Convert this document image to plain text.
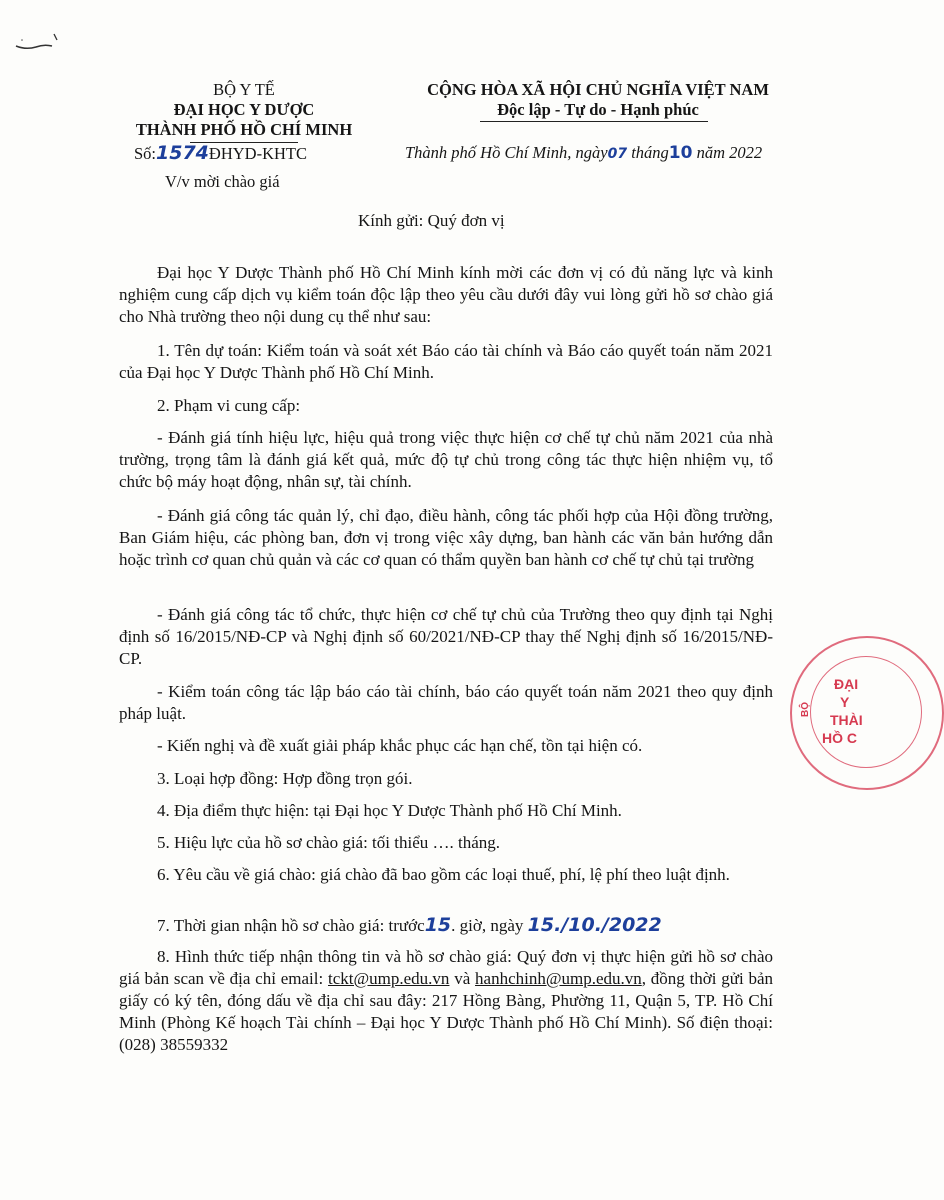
BỘ Y TẾ
ĐẠI HỌC Y DƯỢC
THÀNH PHỐ HỒ CHÍ MINH
Số:1574ĐHYD-KHTC
V/v mời chào giá
CỘNG HÒA XÃ HỘI CHỦ NGHĨA VIỆT NAM
Độc lập - Tự do - Hạnh phúc
Thành phố Hồ Chí Minh, ngày07 tháng10 năm 2022
Kính gửi: Quý đơn vị
Đại học Y Dược Thành phố Hồ Chí Minh kính mời các đơn vị có đủ năng lực và kinh nghiệm cung cấp dịch vụ kiểm toán độc lập theo yêu cầu dưới đây vui lòng gửi hồ sơ chào giá cho Nhà trường theo nội dung cụ thể như sau:
1. Tên dự toán: Kiểm toán và soát xét Báo cáo tài chính và Báo cáo quyết toán năm 2021 của Đại học Y Dược Thành phố Hồ Chí Minh.
2. Phạm vi cung cấp:
- Đánh giá tính hiệu lực, hiệu quả trong việc thực hiện cơ chế tự chủ năm 2021 của nhà trường, trọng tâm là đánh giá kết quả, mức độ tự chủ trong công tác thực hiện nhiệm vụ, tổ chức bộ máy hoạt động, nhân sự, tài chính.
- Đánh giá công tác quản lý, chỉ đạo, điều hành, công tác phối hợp của Hội đồng trường, Ban Giám hiệu, các phòng ban, đơn vị trong việc xây dựng, ban hành các văn bản hướng dẫn hoặc trình cơ quan chủ quản và các cơ quan có thẩm quyền ban hành cơ chế tự chủ tại trường
- Đánh giá công tác tổ chức, thực hiện cơ chế tự chủ của Trường theo quy định tại Nghị định số 16/2015/NĐ-CP và Nghị định số 60/2021/NĐ-CP thay thế Nghị định số 16/2015/NĐ-CP.
- Kiểm toán công tác lập báo cáo tài chính, báo cáo quyết toán năm 2021 theo quy định pháp luật.
- Kiến nghị và đề xuất giải pháp khắc phục các hạn chế, tồn tại hiện có.
3. Loại hợp đồng: Hợp đồng trọn gói.
4. Địa điểm thực hiện: tại Đại học Y Dược Thành phố Hồ Chí Minh.
5. Hiệu lực của hồ sơ chào giá: tối thiểu …. tháng.
6. Yêu cầu về giá chào: giá chào đã bao gồm các loại thuế, phí, lệ phí theo luật định.
7. Thời gian nhận hồ sơ chào giá: trước15. giờ, ngày 15./10./2022
8. Hình thức tiếp nhận thông tin và hồ sơ chào giá: Quý đơn vị thực hiện gửi hồ sơ chào giá bản scan về địa chỉ email: tckt@ump.edu.vn và hanhchinh@ump.edu.vn, đồng thời gửi bản giấy có ký tên, đóng dấu về địa chỉ sau đây: 217 Hồng Bàng, Phường 11, Quận 5, TP. Hồ Chí Minh (Phòng Kế hoạch Tài chính – Đại học Y Dược Thành phố Hồ Chí Minh). Số điện thoại: (028) 38559332
ĐẠI
Y
THÀI
HỒ C
BỘ
